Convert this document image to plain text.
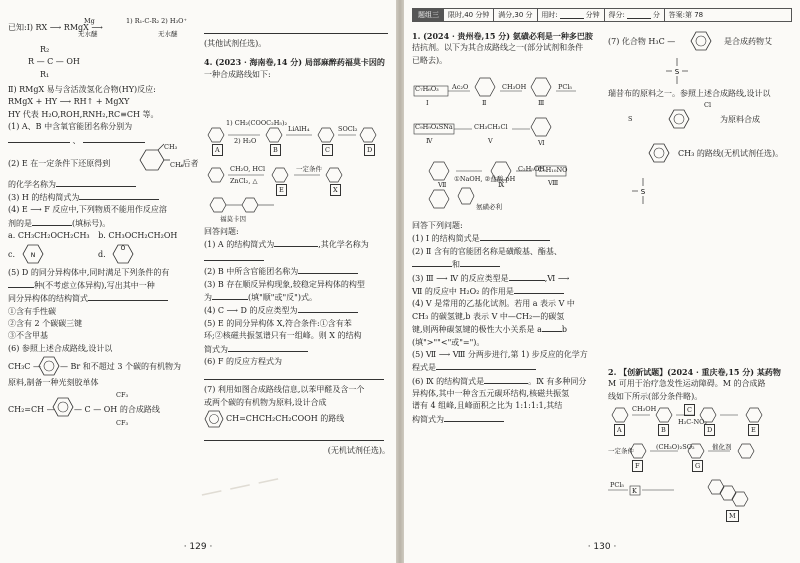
— — —
已知:Ⅰ) RX ⟶ RMgX ⟶
Mg
无水醚
1) R₁-C-R₂ 2) H₃O⁺
无水醚
R₂
R — C — OH
R₁
Ⅱ) RMgX 易与含活泼氢化合物(HY)反应:
RMgX + HY ⟶ RH↑ + MgXY
HY 代表 H₂O,ROH,RNH₂,RC≡CH 等。
(1) A、B 中含氧官能团名称分别为
、
(2) E 在一定条件下还原得到
CH₃
CH₃
,后者
的化学名称为
(3) H 的结构简式为
(4) E ⟶ F 反应中,下列物质不能用作反应溶
剂的是	(填标号)。
a. CH₃CH₂OCH₂CH₃ b. CH₃OCH₂CH₂OH
c.	N	d.
O
(5) D 的同分异构体中,同时满足下列条件的有
种(不考虑立体异构),写出其中一种
同分异构体的结构简式
①含有手性碳
②含有 2 个碳碳三键
③不含甲基
(6) 参照上述合成路线,设计以
CH₃C — — Br 和不超过 3 个碳的有机物为
原料,制备一种光刻胶单体
CF₃
CH₂=CH — — C — OH 的合成路线
CF₃
(其他试剂任选)。
4. (2023 · 海南卷,14 分) 局部麻醉药福莫卡因的
一种合成路线如下:
1) CH₂(COOC₂H₅)₂
2) H₂O
LiAlH₄	SOCl₂
CH₂O, HCl
ZnCl₂, △
一定条件
A	B	C	D
E	X
福莫卡因
回答问题:
(1) A 的结构简式为	,其化学名称为
(2) B 中所含官能团名称为
(3) B 存在顺反异构现象,较稳定异构体的构型
为	(填"顺"或"反")式。
(4) C ⟶ D 的反应类型为
(5) E 的同分异构体 X,符合条件:①含有苯
环;②核磁共振氢谱只有一组峰。则 X 的结构
简式为
(6) F 的反应方程式为
(7) 利用如图合成路线信息,以苯甲醛及含一个
或两个碳的有机物为原料,设计合成
CH=CHCH₂CH₂COOH 的路线
(无机试剂任选)。
· 129 ·
题组三	限时,40 分钟	满分,30 分	用时:	分钟 得分:	分	答案:第 78
1. (2024 · 贵州卷,15 分) 氨磺必利是一种多巴胺
拮抗剂。以下为其合成路线之一(部分试剂和条件
已略去)。
C₇H₆O₃
Ⅰ
Ac₂O
Ⅱ
CH₃OH
Ⅲ
PCl₅
C₉H₉O₄SNa
Ⅳ
CH₃CH₂Cl
Ⅴ	Ⅵ
①NaOH, ②盐酸 pH
Ⅶ	Ⅸ
C₂H₅OH
C₉H₁₀NO
Ⅷ
氨磺必利
回答下列问题:
(1) Ⅰ 的结构简式是
(2) Ⅱ 含有的官能团名称是磺酸基、酯基、
和
(3) Ⅲ ⟶ Ⅳ 的反应类型是	,Ⅵ ⟶
Ⅶ 的反应中 H₂O₂ 的作用是
(4) Ⅴ 是常用的乙基化试剂。若用 a 表示 Ⅴ 中
CH₃ 的碳氢键,b 表示 Ⅴ 中—CH₂—的碳氢
键,则两种碳氢键的极性大小关系是 a	b
(填">""<"或"=")。
(5) Ⅶ ⟶ Ⅷ 分两步进行,第 1) 步反应的化学方
程式是
(6) Ⅸ 的结构简式是	。Ⅸ 有多种同分
异构体,其中一种含五元碳环结构,核磁共振氢
谱有 4 组峰,且峰面积之比为 1:1:1:1,其结
构简式为
(7) 化合物 H₃C —	是合成药物艾
S
瑞昔布的原料之一。参照上述合成路线,设计以
Cl
S	为原料合成
CH₃ 的路线(无机试剂任选)。
S
2. 【创新试题】(2024 · 重庆卷,15 分) 某药物
M 可用于治疗急发性运动障碍。M 的合成路
线如下所示(部分条件略)。
A
CH₃OH
B
C
H₃C-NO₂
D	E
一定条件
F
(CH₃O)₂SO₂
G
催化剂
PCl₅
K
M
· 130 ·
